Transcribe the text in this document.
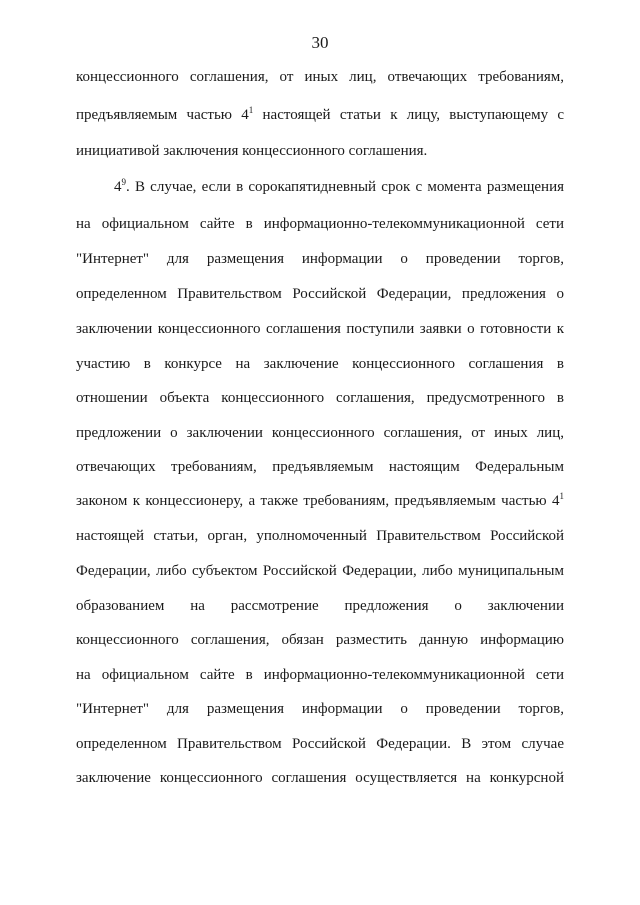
30
концессионного соглашения, от иных лиц, отвечающих требованиям,
предъявляемым частью $4^1$ настоящей статьи к лицу, выступающему с
инициативой заключения концессионного соглашения.
$4^9$. В случае, если в сорокапятидневный срок с момента размещения
на официальном сайте в информационно-телекоммуникационной сети
"Интернет" для размещения информации о проведении торгов,
определенном Правительством Российской Федерации, предложения о
заключении концессионного соглашения поступили заявки о готовности к
участию в конкурсе на заключение концессионного соглашения в
отношении объекта концессионного соглашения, предусмотренного в
предложении о заключении концессионного соглашения, от иных лиц,
отвечающих требованиям, предъявляемым настоящим Федеральным
законом к концессионеру, а также требованиям, предъявляемым частью $4^1$
настоящей статьи, орган, уполномоченный Правительством Российской
Федерации, либо субъектом Российской Федерации, либо муниципальным
образованием на рассмотрение предложения о заключении
концессионного соглашения, обязан разместить данную информацию
на официальном сайте в информационно-телекоммуникационной сети
"Интернет" для размещения информации о проведении торгов,
определенном Правительством Российской Федерации. В этом случае
заключение концессионного соглашения осуществляется на конкурсной
